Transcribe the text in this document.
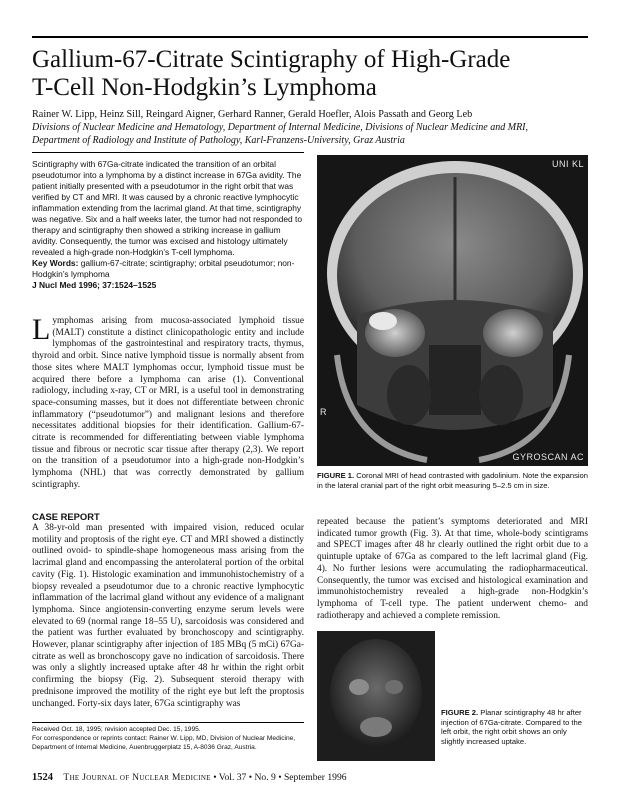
Gallium-67-Citrate Scintigraphy of High-Grade
T-Cell Non-Hodgkin’s Lymphoma
Rainer W. Lipp, Heinz Sill, Reingard Aigner, Gerhard Ranner, Gerald Hoefler, Alois Passath and Georg Leb
Divisions of Nuclear Medicine and Hematology, Department of Internal Medicine, Divisions of Nuclear Medicine and MRI,
Department of Radiology and Institute of Pathology, Karl-Franzens-University, Graz Austria

Scintigraphy with 67Ga-citrate indicated the transition of an orbital pseudotumor into a lymphoma by a distinct increase in 67Ga avidity. The patient initially presented with a pseudotumor in the right orbit that was verified by CT and MRI. It was caused by a chronic reactive lymphocytic inflammation extending from the lacrimal gland. At that time, scintigraphy was negative. Six and a half weeks later, the tumor had not responded to therapy and scintigraphy then showed a striking increase in gallium avidity. Consequently, the tumor was excised and histology ultimately revealed a high-grade non-Hodgkin’s T-cell lymphoma.

Key Words: gallium-67-citrate; scintigraphy; orbital pseudotumor; non-Hodgkin’s lymphoma

J Nucl Med 1996; 37:1524–1525

Lymphomas arising from mucosa-associated lymphoid tissue (MALT) constitute a distinct clinicopathologic entity and include lymphomas of the gastrointestinal and respiratory tracts, thymus, thyroid and orbit. Since native lymphoid tissue is normally absent from those sites where MALT lymphomas occur, lymphoid tissue must be acquired there before a lymphoma can arise (1). Conventional radiology, including x-ray, CT or MRI, is a useful tool in demonstrating space-consuming masses, but it does not differentiate between chronic inflammatory (“pseudotumor”) and malignant lesions and therefore necessitates additional biopsies for their identification. Gallium-67-citrate is recommended for differentiating between viable lymphoma tissue and fibrous or necrotic scar tissue after therapy (2,3). We report on the transition of a pseudotumor into a high-grade non-Hodgkin’s lymphoma (NHL) that was correctly demonstrated by gallium scintigraphy.

CASE REPORT

A 38-yr-old man presented with impaired vision, reduced ocular motility and proptosis of the right eye. CT and MRI showed a distinctly outlined ovoid- to spindle-shape homogeneous mass arising from the lacrimal gland and encompassing the anterolateral portion of the orbital cavity (Fig. 1). Histologic examination and immunohistochemistry of a biopsy revealed a pseudotumor due to a chronic reactive lymphocytic inflammation of the lacrimal gland without any evidence of a malignant lymphoma. Since angiotensin-converting enzyme serum levels were elevated to 69 (normal range 18–55 U), sarcoidosis was considered and the patient was further evaluated by bronchoscopy and scintigraphy. However, planar scintigraphy after injection of 185 MBq (5 mCi) 67Ga-citrate as well as bronchoscopy gave no indication of sarcoidosis. There was only a slightly increased uptake after 48 hr within the right orbit confirming the biopsy (Fig. 2). Subsequent steroid therapy with prednisone improved the motility of the right eye but left the proptosis unchanged. Forty-six days later, 67Ga scintigraphy was

Received Oct. 18, 1995; revision accepted Dec. 15, 1995.

For correspondence or reprints contact: Rainer W. Lipp, MD, Division of Nuclear Medicine, Department of Internal Medicine, Auenbruggerplatz 15, A-8036 Graz, Austria.

UNI KL
R
GYROSCAN AC
FIGURE 1. Coronal MRI of head contrasted with gadolinium. Note the expansion in the lateral cranial part of the right orbit measuring 5–2.5 cm in size.

repeated because the patient’s symptoms deteriorated and MRI indicated tumor growth (Fig. 3). At that time, whole-body scintigrams and SPECT images after 48 hr clearly outlined the right orbit due to a quintuple uptake of 67Ga as compared to the left lacrimal gland (Fig. 4). No further lesions were accumulating the radiopharmaceutical. Consequently, the tumor was excised and histological examination and immunohistochemistry revealed a high-grade non-Hodgkin’s lymphoma of T-cell type. The patient underwent chemo- and radiotherapy and achieved a complete remission.

FIGURE 2. Planar scintigraphy 48 hr after injection of 67Ga-citrate. Compared to the left orbit, the right orbit shows an only slightly increased uptake.
1524 The Journal of Nuclear Medicine • Vol. 37 • No. 9 • September 1996
